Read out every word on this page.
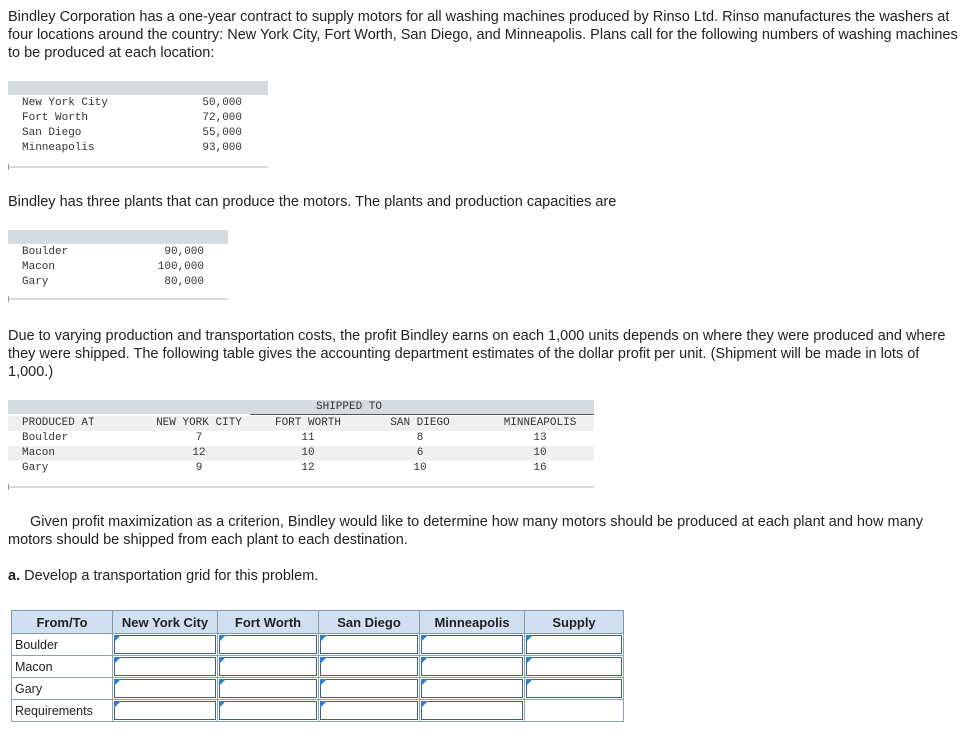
Bindley Corporation has a one-year contract to supply motors for all washing machines produced by Rinso Ltd. Rinso manufactures the washers at four locations around the country: New York City, Fort Worth, San Diego, and Minneapolis. Plans call for the following numbers of washing machines to be produced at each location:

New York City	50,000
Fort Worth	72,000
San Diego	55,000
Minneapolis	93,000

Bindley has three plants that can produce the motors. The plants and production capacities are

Boulder	90,000
Macon	100,000
Gary	80,000

Due to varying production and transportation costs, the profit Bindley earns on each 1,000 units depends on where they were produced and where they were shipped. The following table gives the accounting department estimates of the dollar profit per unit. (Shipment will be made in lots of 1,000.)

SHIPPED TO
PRODUCED AT	NEW YORK CITY	FORT WORTH	SAN DIEGO	MINNEAPOLIS
Boulder	7	11	8	13
Macon	12	10	6	10
Gary	9	12	10	16

Given profit maximization as a criterion, Bindley would like to determine how many motors should be produced at each plant and how many motors should be shipped from each plant to each destination.

a. Develop a transportation grid for this problem.

From/To	New York City	Fort Worth	San Diego	Minneapolis	Supply
Boulder	

Macon	

Gary	

Requirements	
